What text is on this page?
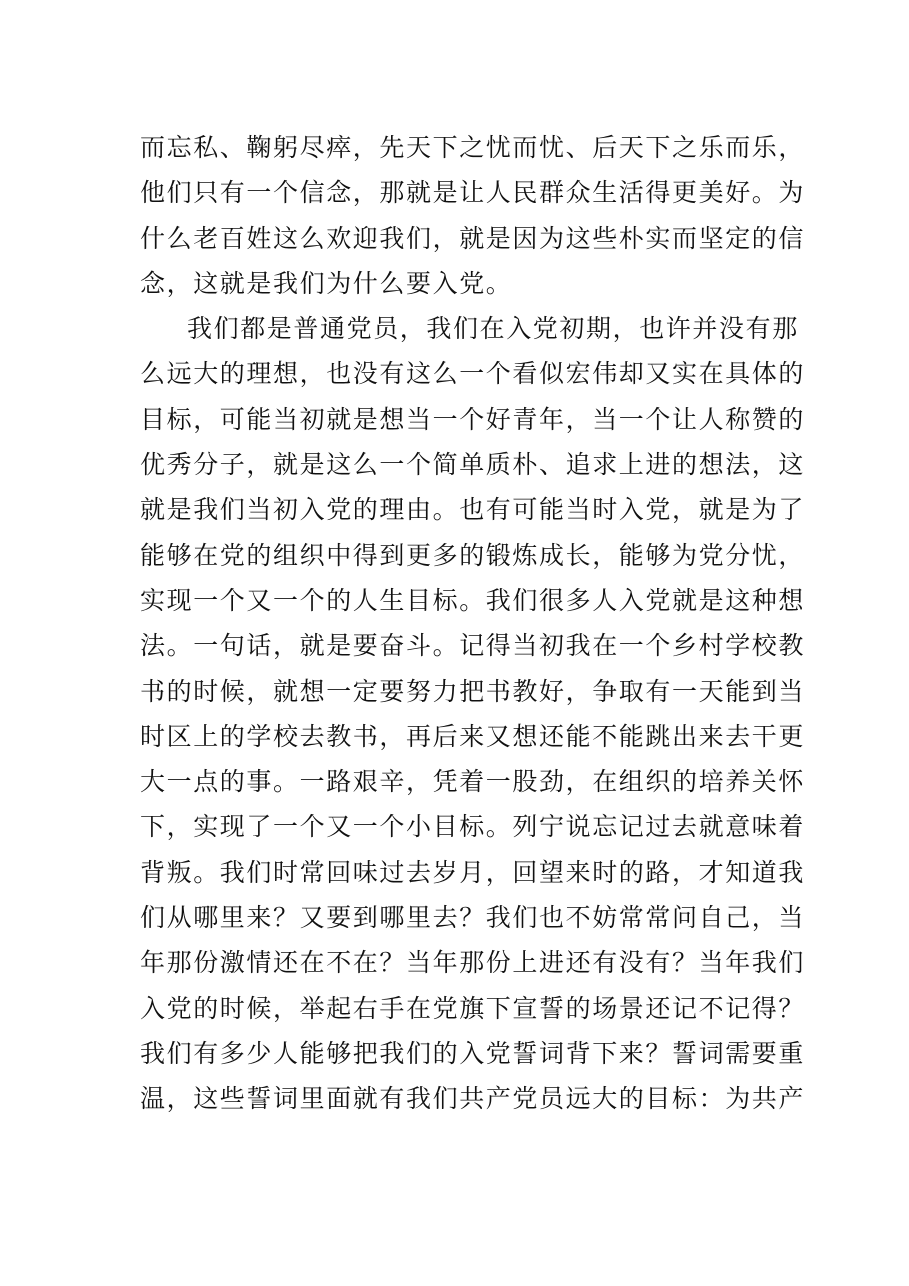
而忘私、鞠躬尽瘁，先天下之忧而忧、后天下之乐而乐，
他们只有一个信念，那就是让人民群众生活得更美好。为
什么老百姓这么欢迎我们，就是因为这些朴实而坚定的信
念，这就是我们为什么要入党。
我们都是普通党员，我们在入党初期，也许并没有那
么远大的理想，也没有这么一个看似宏伟却又实在具体的
目标，可能当初就是想当一个好青年，当一个让人称赞的
优秀分子，就是这么一个简单质朴、追求上进的想法，这
就是我们当初入党的理由。也有可能当时入党，就是为了
能够在党的组织中得到更多的锻炼成长，能够为党分忧，
实现一个又一个的人生目标。我们很多人入党就是这种想
法。一句话，就是要奋斗。记得当初我在一个乡村学校教
书的时候，就想一定要努力把书教好，争取有一天能到当
时区上的学校去教书，再后来又想还能不能跳出来去干更
大一点的事。一路艰辛，凭着一股劲，在组织的培养关怀
下，实现了一个又一个小目标。列宁说忘记过去就意味着
背叛。我们时常回味过去岁月，回望来时的路，才知道我
们从哪里来？又要到哪里去？我们也不妨常常问自己，当
年那份激情还在不在？当年那份上进还有没有？当年我们
入党的时候，举起右手在党旗下宣誓的场景还记不记得？
我们有多少人能够把我们的入党誓词背下来？誓词需要重
温，这些誓词里面就有我们共产党员远大的目标：为共产
